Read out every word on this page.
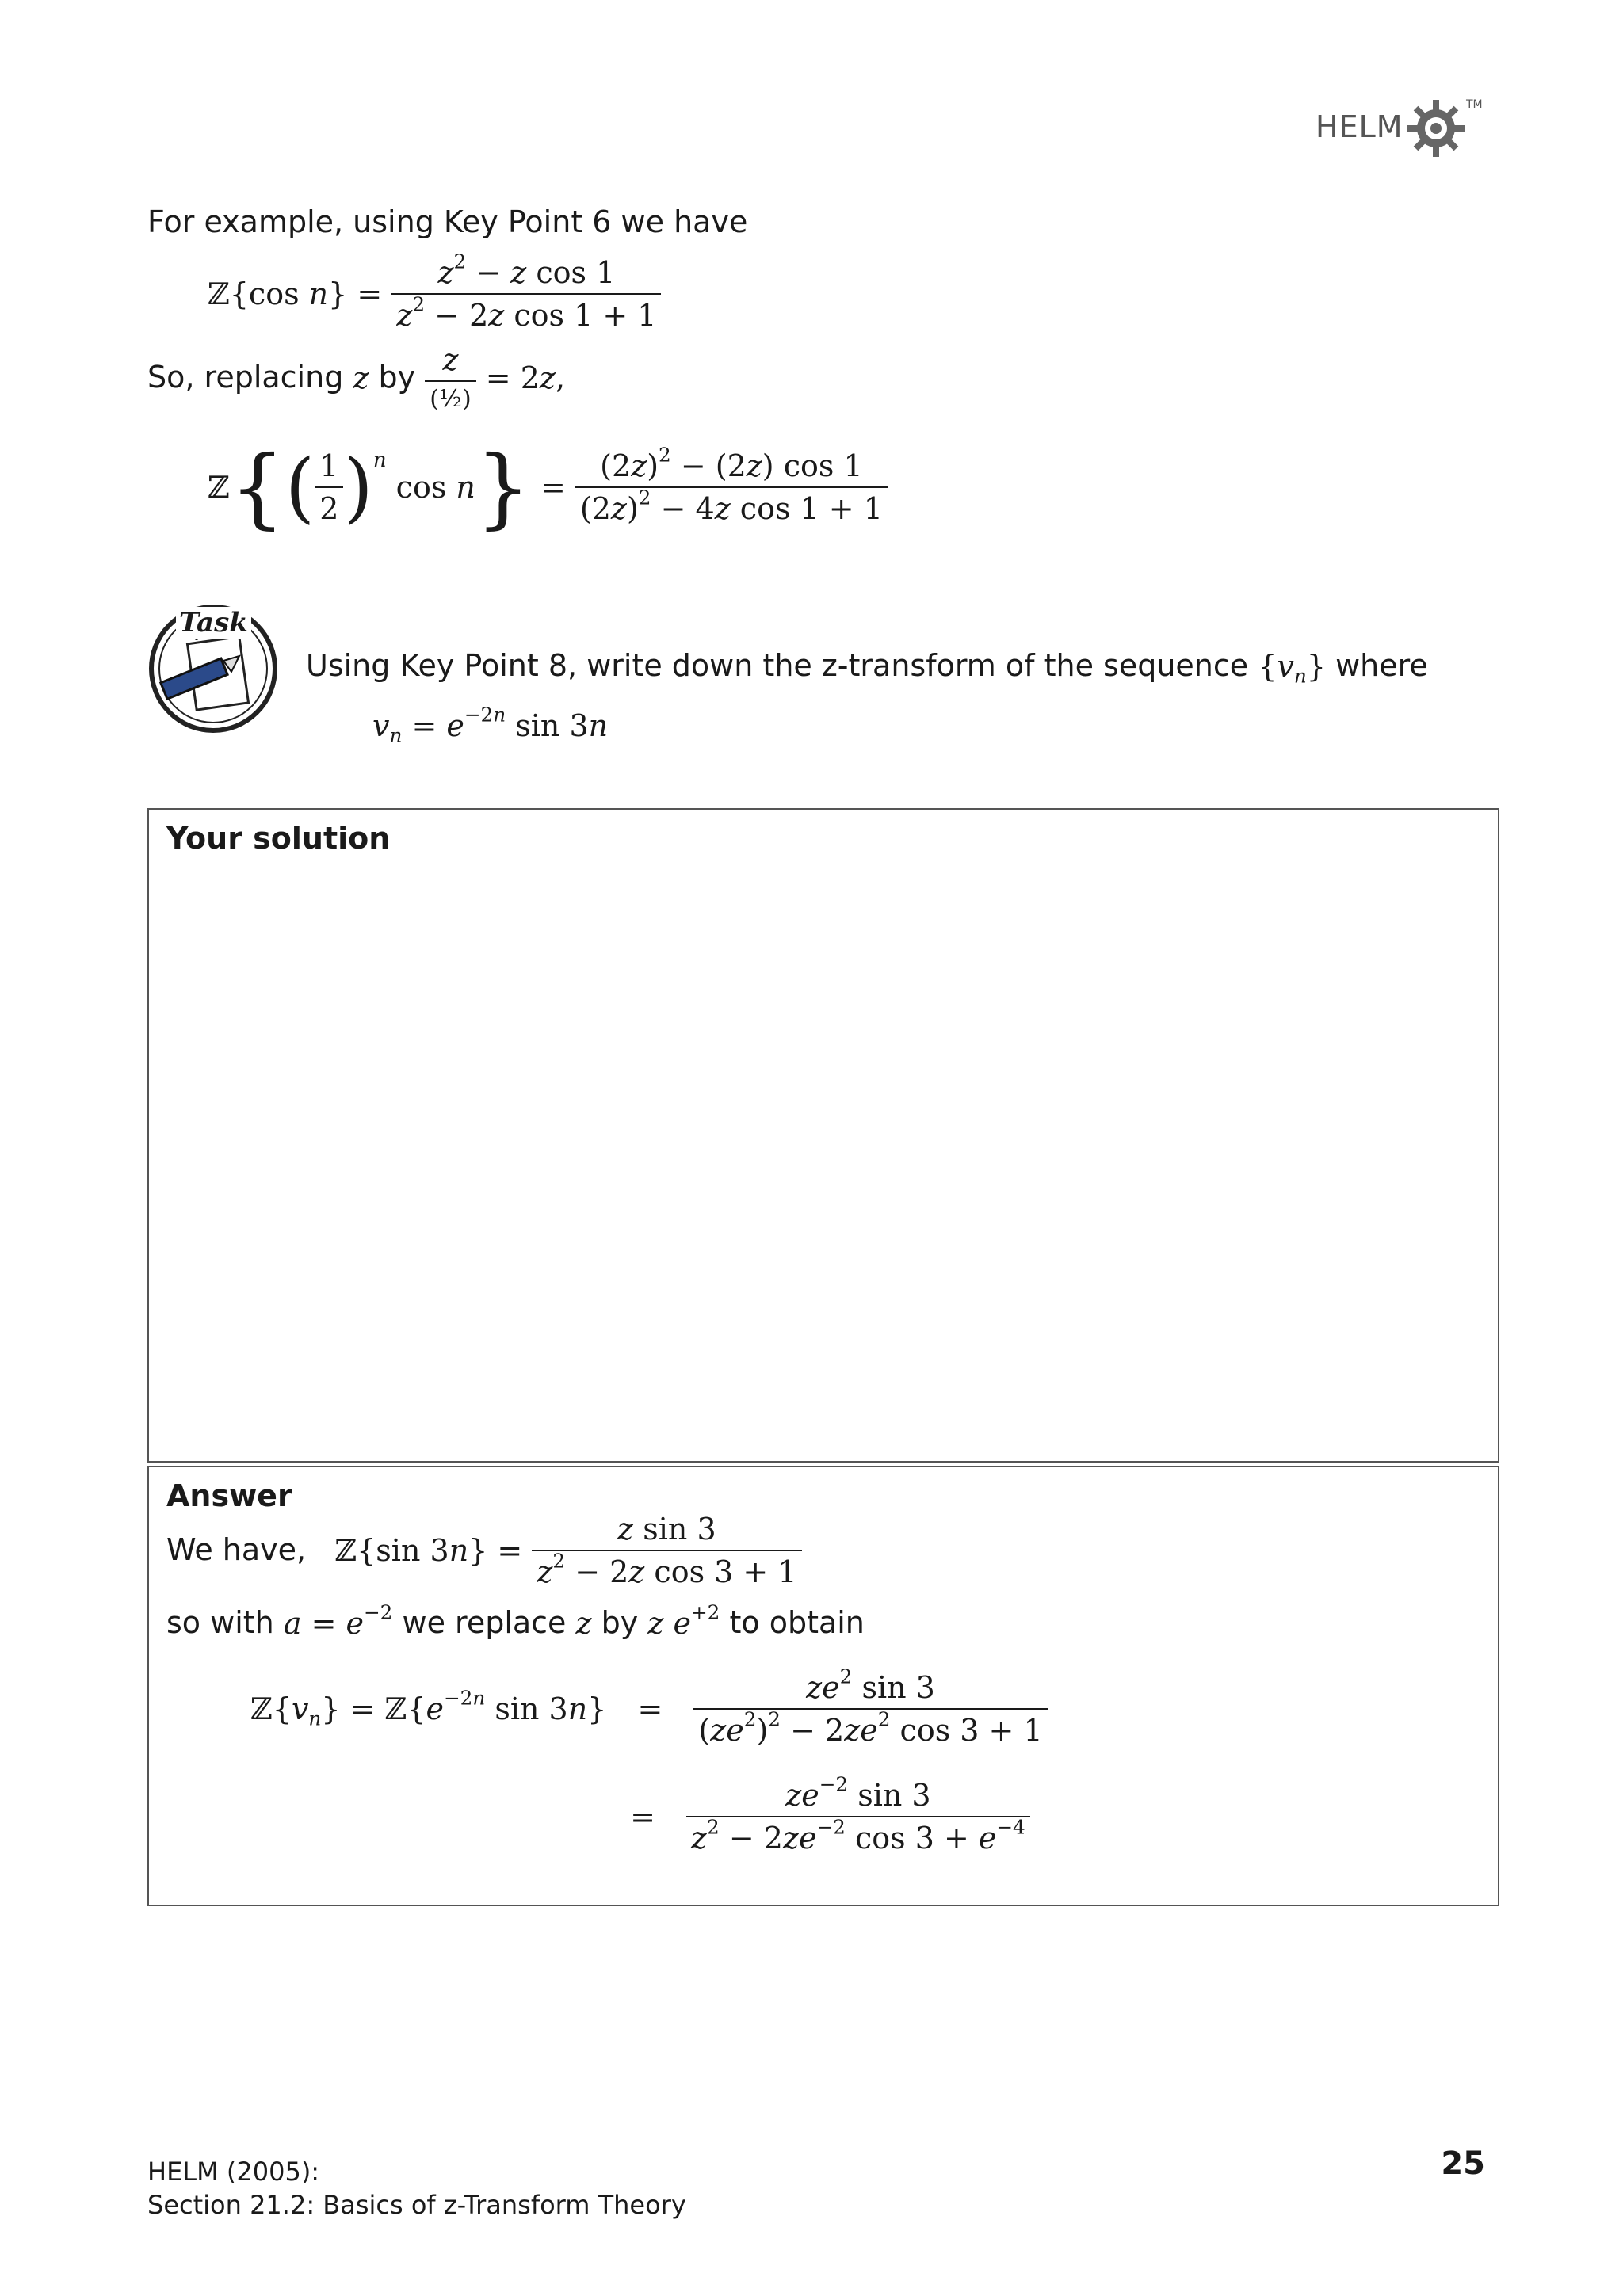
HELM
TM
For example, using Key Point 6 we have
ℤ {cos n } = $\frac{z^2 - z \cos 1}{z^2 - 2z \cos 1 + 1}$
So, replacing z by
$\frac{z}{\text{(½)}} = 2z$,
ℤ { ( $\frac{1}{2}$ ) n
cos n } = $\frac{(2z)^2 - (2z) \cos 1}{(2z)^2 - 4z \cos 1 + 1}$
Task
Using Key Point 8, write down the z-transform of the sequence $\{v_n\}$ where
$v_n = e^{-2n}$ sin 3n
Your solution
Answer
We have,
ℤ {sin $3n\} = \frac{\text{z sin 3}}{z^2 - 2z \cos 3 + 1}$
so with $a = e^{-2}$ we replace z by z $e^{+2}$ to obtain
ℤ $\{v_n\}$ = ℤ {$e^{-2n}$ sin 3n}	=	$\frac{ze^2 \sin 3}{(ze^2)^2 - 2ze^2 \cos 3 + 1}$
=	$\frac{ze^{-2} \sin 3}{z^2 - 2ze^{-2} \cos 3 + e^{-4}}$
HELM (2005):
Section 21.2: Basics of z-Transform Theory
25
